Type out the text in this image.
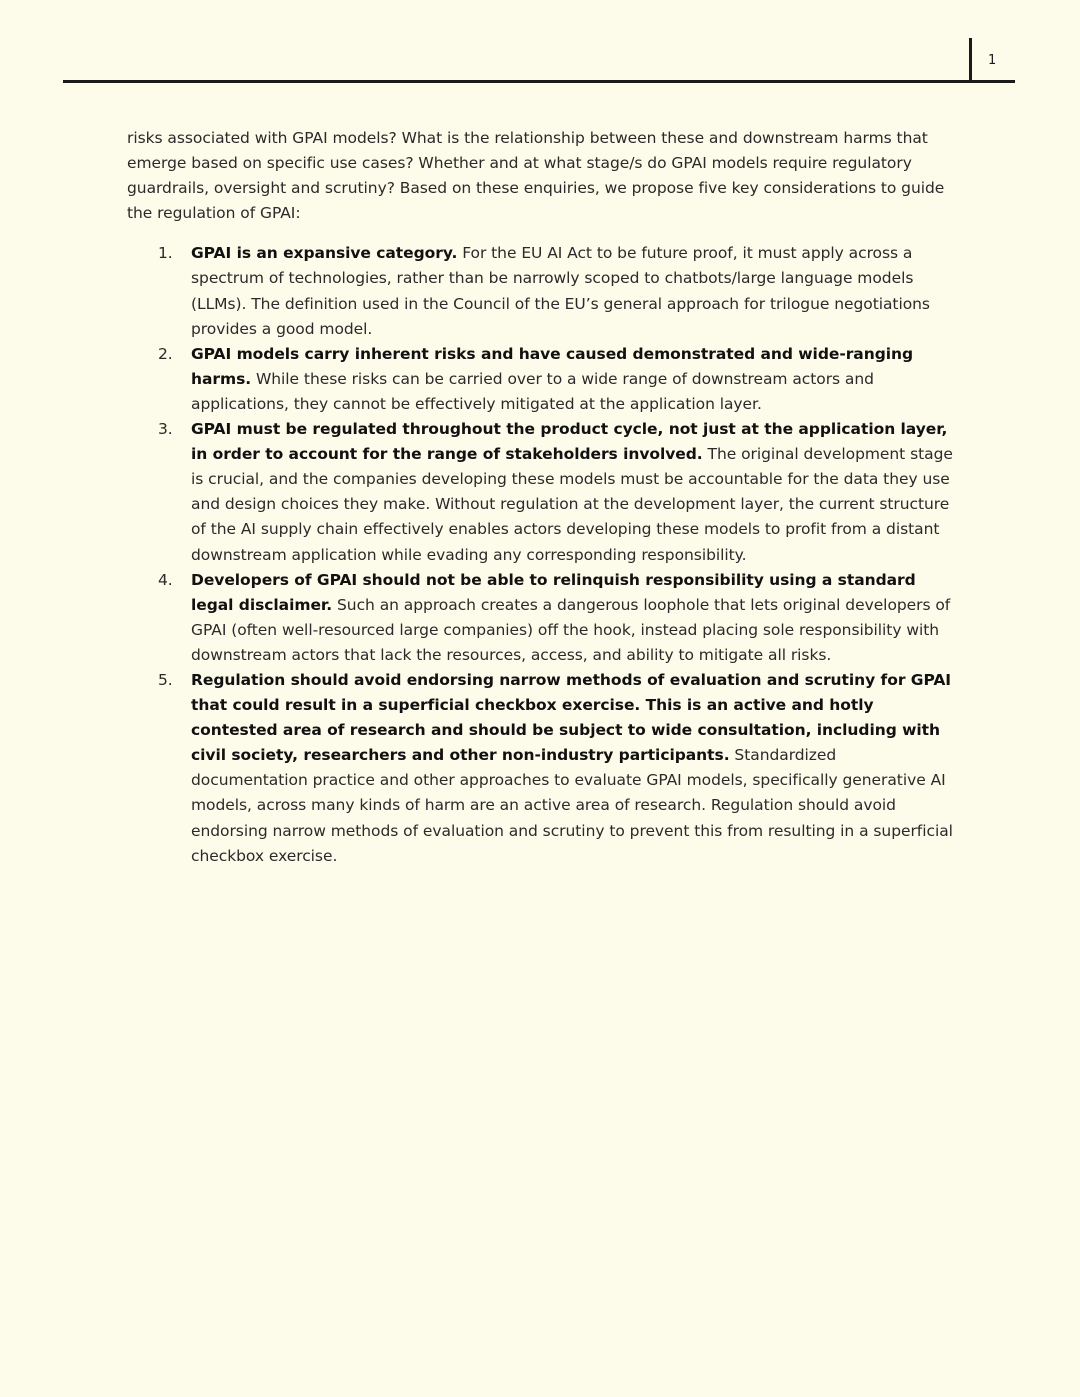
1

risks associated with GPAI models? What is the relationship between these and downstream harms that emerge based on specific use cases? Whether and at what stage/s do GPAI models require regulatory guardrails, oversight and scrutiny? Based on these enquiries, we propose five key considerations to guide the regulation of GPAI:

1. GPAI is an expansive category. For the EU AI Act to be future proof, it must apply across a spectrum of technologies, rather than be narrowly scoped to chatbots/large language models (LLMs). The definition used in the Council of the EU’s general approach for trilogue negotiations provides a good model.
2. GPAI models carry inherent risks and have caused demonstrated and wide-ranging harms. While these risks can be carried over to a wide range of downstream actors and applications, they cannot be effectively mitigated at the application layer.
3. GPAI must be regulated throughout the product cycle, not just at the application layer, in order to account for the range of stakeholders involved. The original development stage is crucial, and the companies developing these models must be accountable for the data they use and design choices they make. Without regulation at the development layer, the current structure of the AI supply chain effectively enables actors developing these models to profit from a distant downstream application while evading any corresponding responsibility.
4. Developers of GPAI should not be able to relinquish responsibility using a standard legal disclaimer. Such an approach creates a dangerous loophole that lets original developers of GPAI (often well-resourced large companies) off the hook, instead placing sole responsibility with downstream actors that lack the resources, access, and ability to mitigate all risks.
5. Regulation should avoid endorsing narrow methods of evaluation and scrutiny for GPAI that could result in a superficial checkbox exercise. This is an active and hotly contested area of research and should be subject to wide consultation, including with civil society, researchers and other non-industry participants. Standardized documentation practice and other approaches to evaluate GPAI models, specifically generative AI models, across many kinds of harm are an active area of research. Regulation should avoid endorsing narrow methods of evaluation and scrutiny to prevent this from resulting in a superficial checkbox exercise.
